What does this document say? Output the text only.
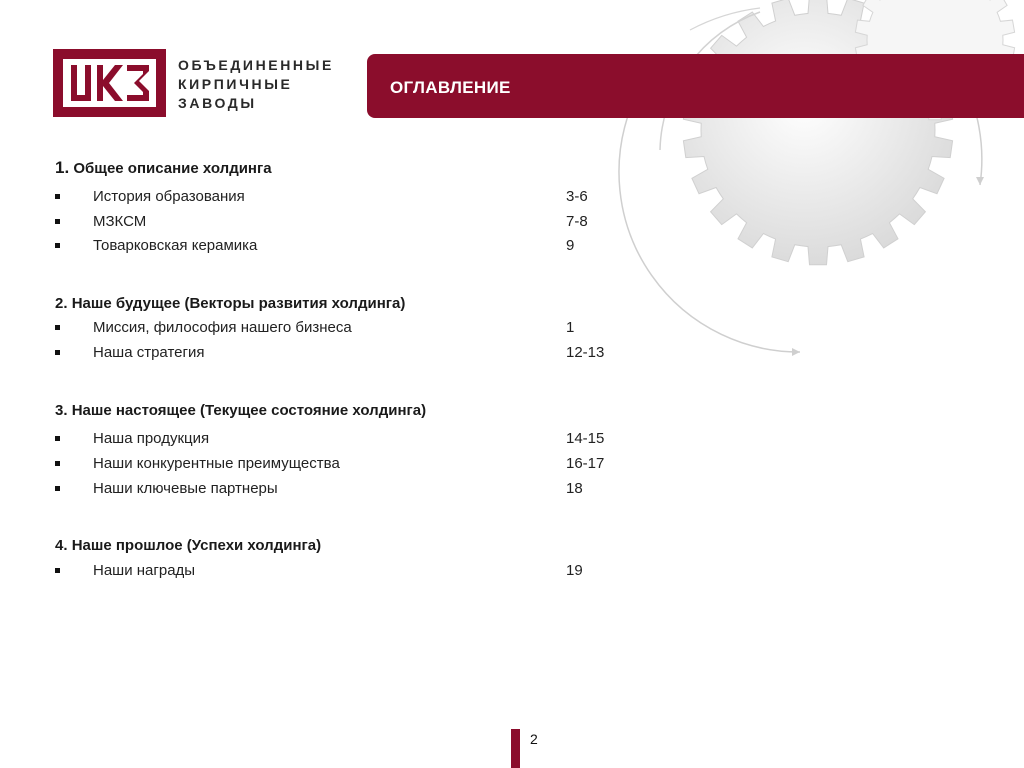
ОБЪЕДИНЕННЫЕ
КИРПИЧНЫЕ
ЗАВОДЫ
ОГЛАВЛЕНИЕ
1. Общее описание холдинга
История образования	3-6
МЗКСМ	7-8
Товарковская керамика	9
2. Наше будущее (Векторы развития холдинга)
Миссия, философия нашего бизнеса	1
Наша стратегия	12-13
3. Наше настоящее (Текущее состояние холдинга)
Наша продукция	14-15
Наши конкурентные преимущества	16-17
Наши ключевые партнеры	18
4. Наше прошлое (Успехи холдинга)
Наши награды	19
2
